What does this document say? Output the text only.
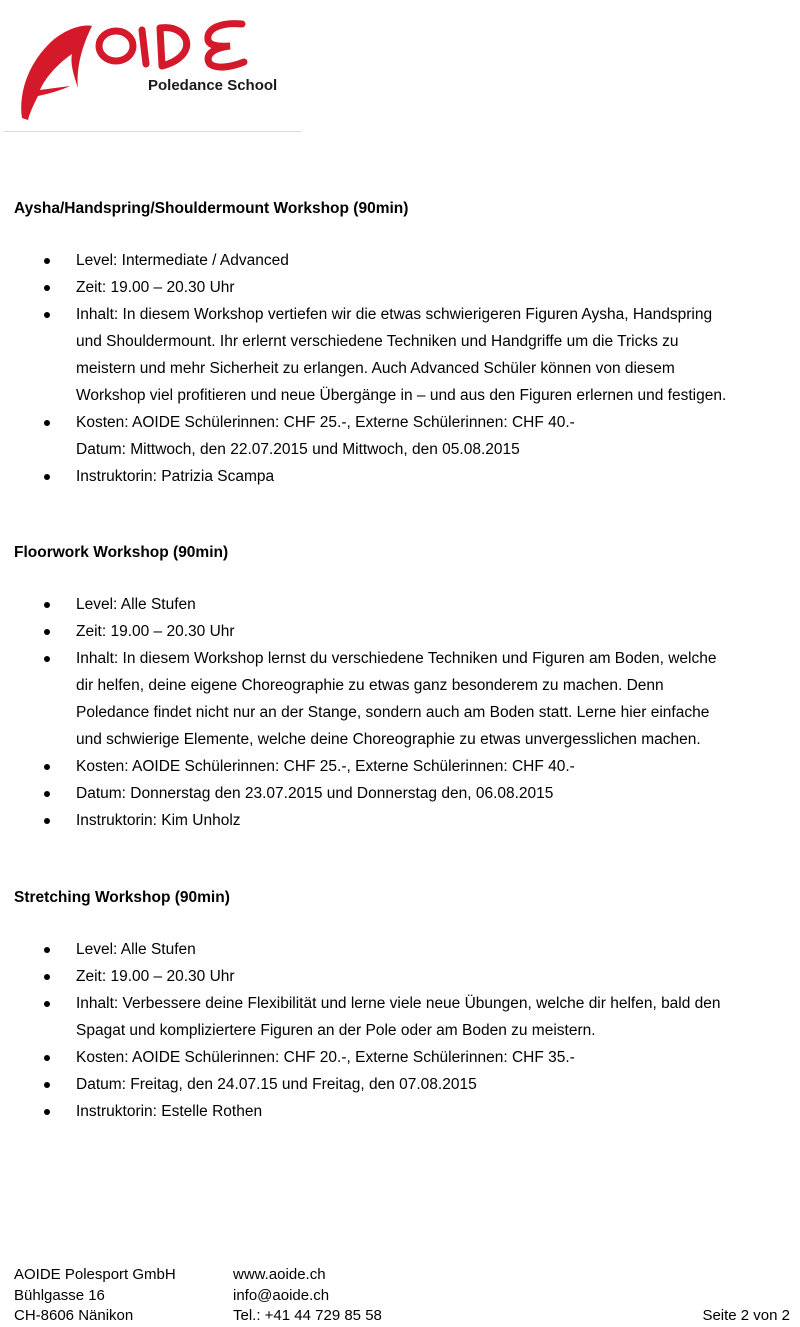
Poledance School
Aysha/Handspring/Shouldermount Workshop (90min)
Level: Intermediate / Advanced
Zeit: 19.00 – 20.30 Uhr
Inhalt: In diesem Workshop vertiefen wir die etwas schwierigeren Figuren Aysha, Handspring
und Shouldermount. Ihr erlernt verschiedene Techniken und Handgriffe um die Tricks zu
meistern und mehr Sicherheit zu erlangen. Auch Advanced Schüler können von diesem
Workshop viel profitieren und neue Übergänge in – und aus den Figuren erlernen und festigen.
Kosten: AOIDE Schülerinnen: CHF 25.-, Externe Schülerinnen: CHF 40.-
Datum: Mittwoch, den 22.07.2015 und Mittwoch, den 05.08.2015
Instruktorin: Patrizia Scampa
Floorwork Workshop (90min)
Level: Alle Stufen
Zeit: 19.00 – 20.30 Uhr
Inhalt: In diesem Workshop lernst du verschiedene Techniken und Figuren am Boden, welche
dir helfen, deine eigene Choreographie zu etwas ganz besonderem zu machen. Denn
Poledance findet nicht nur an der Stange, sondern auch am Boden statt. Lerne hier einfache
und schwierige Elemente, welche deine Choreographie zu etwas unvergesslichen machen.
Kosten: AOIDE Schülerinnen: CHF 25.-, Externe Schülerinnen: CHF 40.-
Datum: Donnerstag den 23.07.2015 und Donnerstag den, 06.08.2015
Instruktorin: Kim Unholz
Stretching Workshop (90min)
Level: Alle Stufen
Zeit: 19.00 – 20.30 Uhr
Inhalt: Verbessere deine Flexibilität und lerne viele neue Übungen, welche dir helfen, bald den
Spagat und kompliziertere Figuren an der Pole oder am Boden zu meistern.
Kosten: AOIDE Schülerinnen: CHF 20.-, Externe Schülerinnen: CHF 35.-
Datum: Freitag, den 24.07.15 und Freitag, den 07.08.2015
Instruktorin: Estelle Rothen
AOIDE Polesport GmbH
Bühlgasse 16
CH-8606 Nänikon
www.aoide.ch
info@aoide.ch
Tel.: +41 44 729 85 58	Seite 2 von 2
